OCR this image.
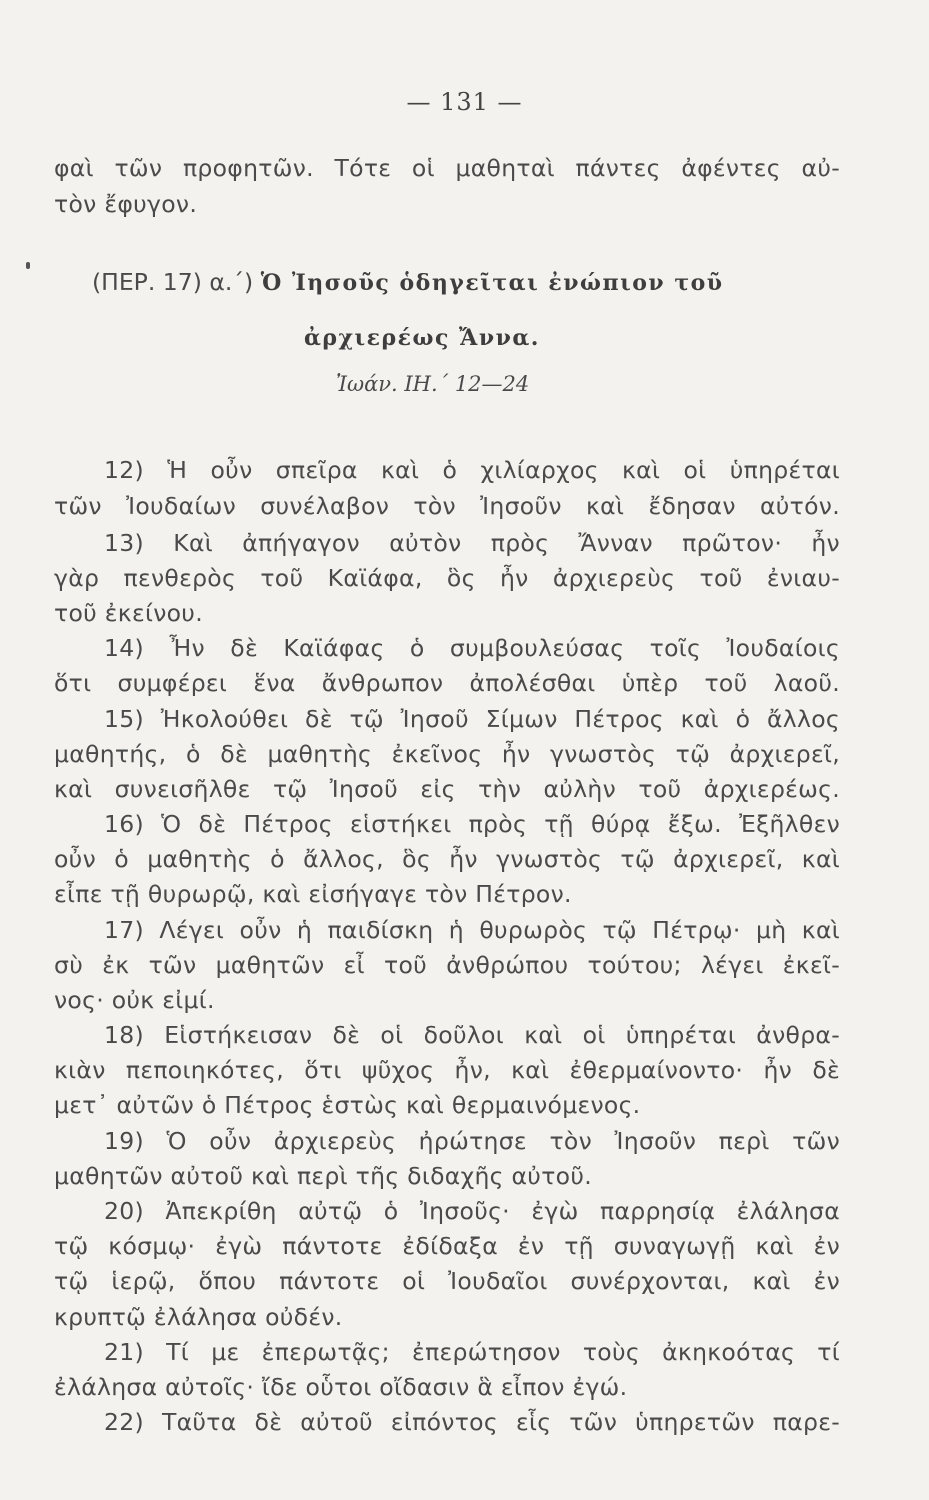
— 131 —
φαὶ τῶν προφητῶν. Τότε οἱ μαθηταὶ πάντες ἀφέντες αὐ-
τὸν ἔφυγον.
(ΠΕΡ. 17) α.΄) Ὁ Ἰησοῦς ὁδηγεῖται ἐνώπιον τοῦ
ἀρχιερέως Ἄννα.
Ἰωάν. ΙΗ.΄ 12—24
12) Ἡ οὖν σπεῖρα καὶ ὁ χιλίαρχος καὶ οἱ ὑπηρέται
τῶν Ἰουδαίων συνέλαβον τὸν Ἰησοῦν καὶ ἔδησαν αὐτόν.
13) Καὶ ἀπήγαγον αὐτὸν πρὸς Ἄνναν πρῶτον· ἦν
γὰρ πενθερὸς τοῦ Καϊάφα, ὃς ἦν ἀρχιερεὺς τοῦ ἐνιαυ-
τοῦ ἐκείνου.
14) Ἦν δὲ Καϊάφας ὁ συμβουλεύσας τοῖς Ἰουδαίοις
ὅτι συμφέρει ἕνα ἄνθρωπον ἀπολέσθαι ὑπὲρ τοῦ λαοῦ.
15) Ἠκολούθει δὲ τῷ Ἰησοῦ Σίμων Πέτρος καὶ ὁ ἄλλος
μαθητής, ὁ δὲ μαθητὴς ἐκεῖνος ἦν γνωστὸς τῷ ἀρχιερεῖ,
καὶ συνεισῆλθε τῷ Ἰησοῦ εἰς τὴν αὐλὴν τοῦ ἀρχιερέως.
16) Ὁ δὲ Πέτρος εἱστήκει πρὸς τῇ θύρᾳ ἔξω. Ἐξῆλθεν
οὖν ὁ μαθητὴς ὁ ἄλλος, ὃς ἦν γνωστὸς τῷ ἀρχιερεῖ, καὶ
εἶπε τῇ θυρωρῷ, καὶ εἰσήγαγε τὸν Πέτρον.
17) Λέγει οὖν ἡ παιδίσκη ἡ θυρωρὸς τῷ Πέτρῳ· μὴ καὶ
σὺ ἐκ τῶν μαθητῶν εἶ τοῦ ἀνθρώπου τούτου; λέγει ἐκεῖ-
νος· οὐκ εἰμί.
18) Εἱστήκεισαν δὲ οἱ δοῦλοι καὶ οἱ ὑπηρέται ἀνθρα-
κιὰν πεποιηκότες, ὅτι ψῦχος ἦν, καὶ ἐθερμαίνοντο· ἦν δὲ
μετ᾽ αὐτῶν ὁ Πέτρος ἑστὼς καὶ θερμαινόμενος.
19) Ὁ οὖν ἀρχιερεὺς ἠρώτησε τὸν Ἰησοῦν περὶ τῶν
μαθητῶν αὐτοῦ καὶ περὶ τῆς διδαχῆς αὐτοῦ.
20) Ἀπεκρίθη αὐτῷ ὁ Ἰησοῦς· ἐγὼ παρρησίᾳ ἐλάλησα
τῷ κόσμῳ· ἐγὼ πάντοτε ἐδίδαξα ἐν τῇ συναγωγῇ καὶ ἐν
τῷ ἱερῷ, ὅπου πάντοτε οἱ Ἰουδαῖοι συνέρχονται, καὶ ἐν
κρυπτῷ ἐλάλησα οὐδέν.
21) Τί με ἐπερωτᾷς; ἐπερώτησον τοὺς ἀκηκοότας τί
ἐλάλησα αὐτοῖς· ἴδε οὗτοι οἴδασιν ἃ εἶπον ἐγώ.
22) Ταῦτα δὲ αὐτοῦ εἰπόντος εἷς τῶν ὑπηρετῶν παρε-
